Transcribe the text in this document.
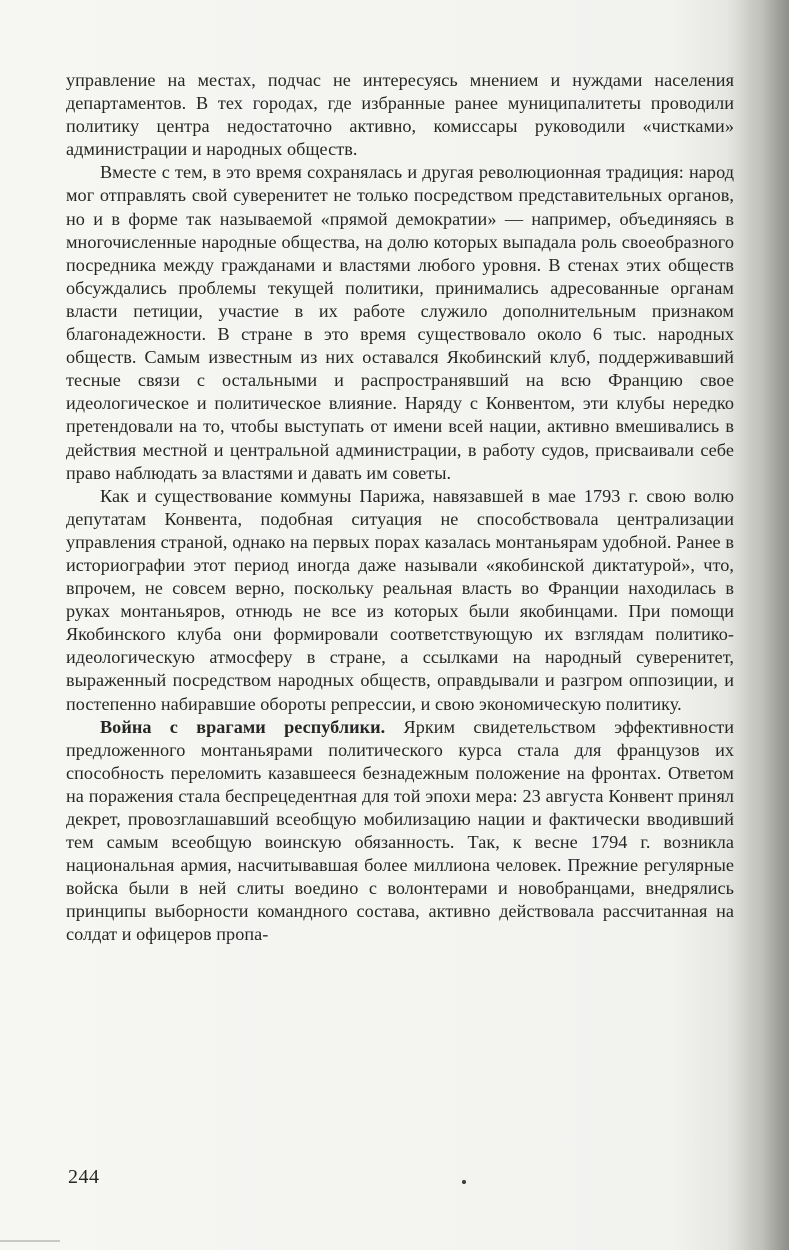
управление на местах, подчас не интересуясь мнением и нуждами населения департаментов. В тех городах, где избранные ранее муниципалитеты проводили политику центра недостаточно активно, комиссары руководили «чистками» администрации и народных обществ.

Вместе с тем, в это время сохранялась и другая революционная традиция: народ мог отправлять свой суверенитет не только посредством представительных органов, но и в форме так называемой «прямой демократии» — например, объединяясь в многочисленные народные общества, на долю которых выпадала роль своеобразного посредника между гражданами и властями любого уровня. В стенах этих обществ обсуждались проблемы текущей политики, принимались адресованные органам власти петиции, участие в их работе служило дополнительным признаком благонадежности. В стране в это время существовало около 6 тыс. народных обществ. Самым известным из них оставался Якобинский клуб, поддерживавший тесные связи с остальными и распространявший на всю Францию свое идеологическое и политическое влияние. Наряду с Конвентом, эти клубы нередко претендовали на то, чтобы выступать от имени всей нации, активно вмешивались в действия местной и центральной администрации, в работу судов, присваивали себе право наблюдать за властями и давать им советы.

Как и существование коммуны Парижа, навязавшей в мае 1793 г. свою волю депутатам Конвента, подобная ситуация не способствовала централизации управления страной, однако на первых порах казалась монтаньярам удобной. Ранее в историографии этот период иногда даже называли «якобинской диктатурой», что, впрочем, не совсем верно, поскольку реальная власть во Франции находилась в руках монтаньяров, отнюдь не все из которых были якобинцами. При помощи Якобинского клуба они формировали соответствующую их взглядам политико-идеологическую атмосферу в стране, а ссылками на народный суверенитет, выраженный посредством народных обществ, оправдывали и разгром оппозиции, и постепенно набиравшие обороты репрессии, и свою экономическую политику.

Война с врагами республики. Ярким свидетельством эффективности предложенного монтаньярами политического курса стала для французов их способность переломить казавшееся безнадежным положение на фронтах. Ответом на поражения стала беспрецедентная для той эпохи мера: 23 августа Конвент принял декрет, провозглашавший всеобщую мобилизацию нации и фактически вводивший тем самым всеобщую воинскую обязанность. Так, к весне 1794 г. возникла национальная армия, насчитывавшая более миллиона человек. Прежние регулярные войска были в ней слиты воедино с волонтерами и новобранцами, внедрялись принципы выборности командного состава, активно действовала рассчитанная на солдат и офицеров пропа-

244
